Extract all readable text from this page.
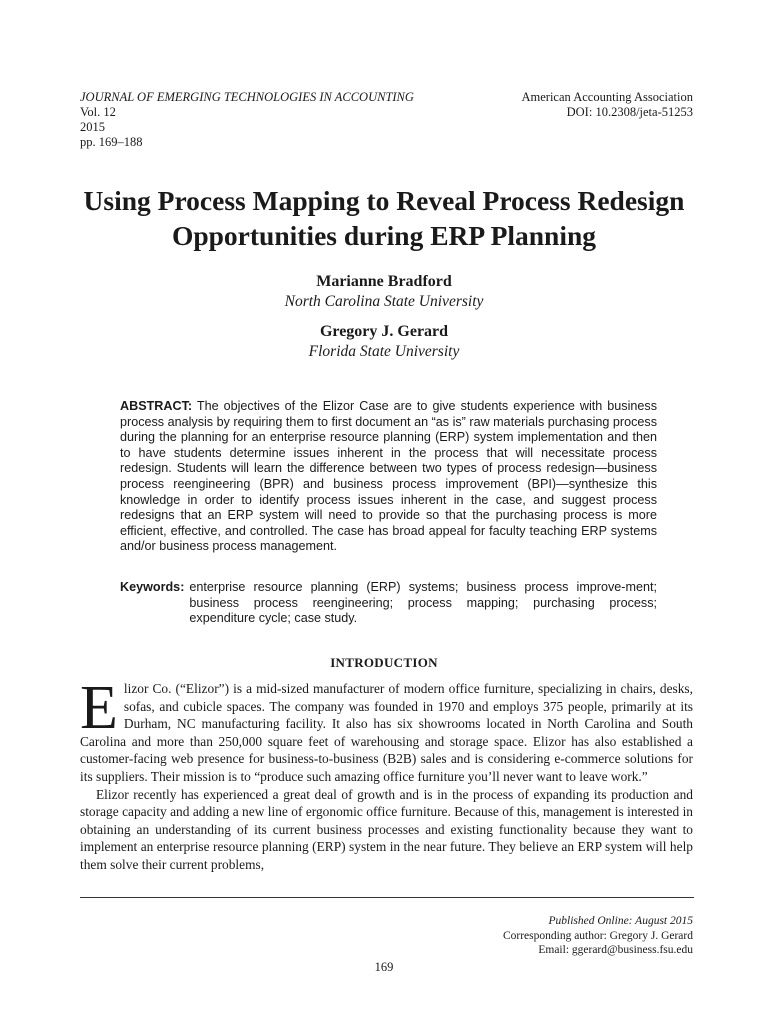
JOURNAL OF EMERGING TECHNOLOGIES IN ACCOUNTING
Vol. 12
2015
pp. 169–188
American Accounting Association
DOI: 10.2308/jeta-51253
Using Process Mapping to Reveal Process Redesign Opportunities during ERP Planning
Marianne Bradford
North Carolina State University
Gregory J. Gerard
Florida State University

ABSTRACT: The objectives of the Elizor Case are to give students experience with business process analysis by requiring them to first document an “as is” raw materials purchasing process during the planning for an enterprise resource planning (ERP) system implementation and then to have students determine issues inherent in the process that will necessitate process redesign. Students will learn the difference between two types of process redesign—business process reengineering (BPR) and business process improvement (BPI)—synthesize this knowledge in order to identify process issues inherent in the case, and suggest process redesigns that an ERP system will need to provide so that the purchasing process is more efficient, effective, and controlled. The case has broad appeal for faculty teaching ERP systems and/or business process management.

Keywords: enterprise resource planning (ERP) systems; business process improve-ment; business process reengineering; process mapping; purchasing process; expenditure cycle; case study.
INTRODUCTION

Elizor Co. (“Elizor”) is a mid-sized manufacturer of modern office furniture, specializing in chairs, desks, sofas, and cubicle spaces. The company was founded in 1970 and employs 375 people, primarily at its Durham, NC manufacturing facility. It also has six showrooms located in North Carolina and South Carolina and more than 250,000 square feet of warehousing and storage space. Elizor has also established a customer-facing web presence for business-to-business (B2B) sales and is considering e-commerce solutions for its suppliers. Their mission is to “produce such amazing office furniture you’ll never want to leave work.”

Elizor recently has experienced a great deal of growth and is in the process of expanding its production and storage capacity and adding a new line of ergonomic office furniture. Because of this, management is interested in obtaining an understanding of its current business processes and existing functionality because they want to implement an enterprise resource planning (ERP) system in the near future. They believe an ERP system will help them solve their current problems,

Published Online: August 2015
Corresponding author: Gregory J. Gerard
Email: ggerard@business.fsu.edu
169
